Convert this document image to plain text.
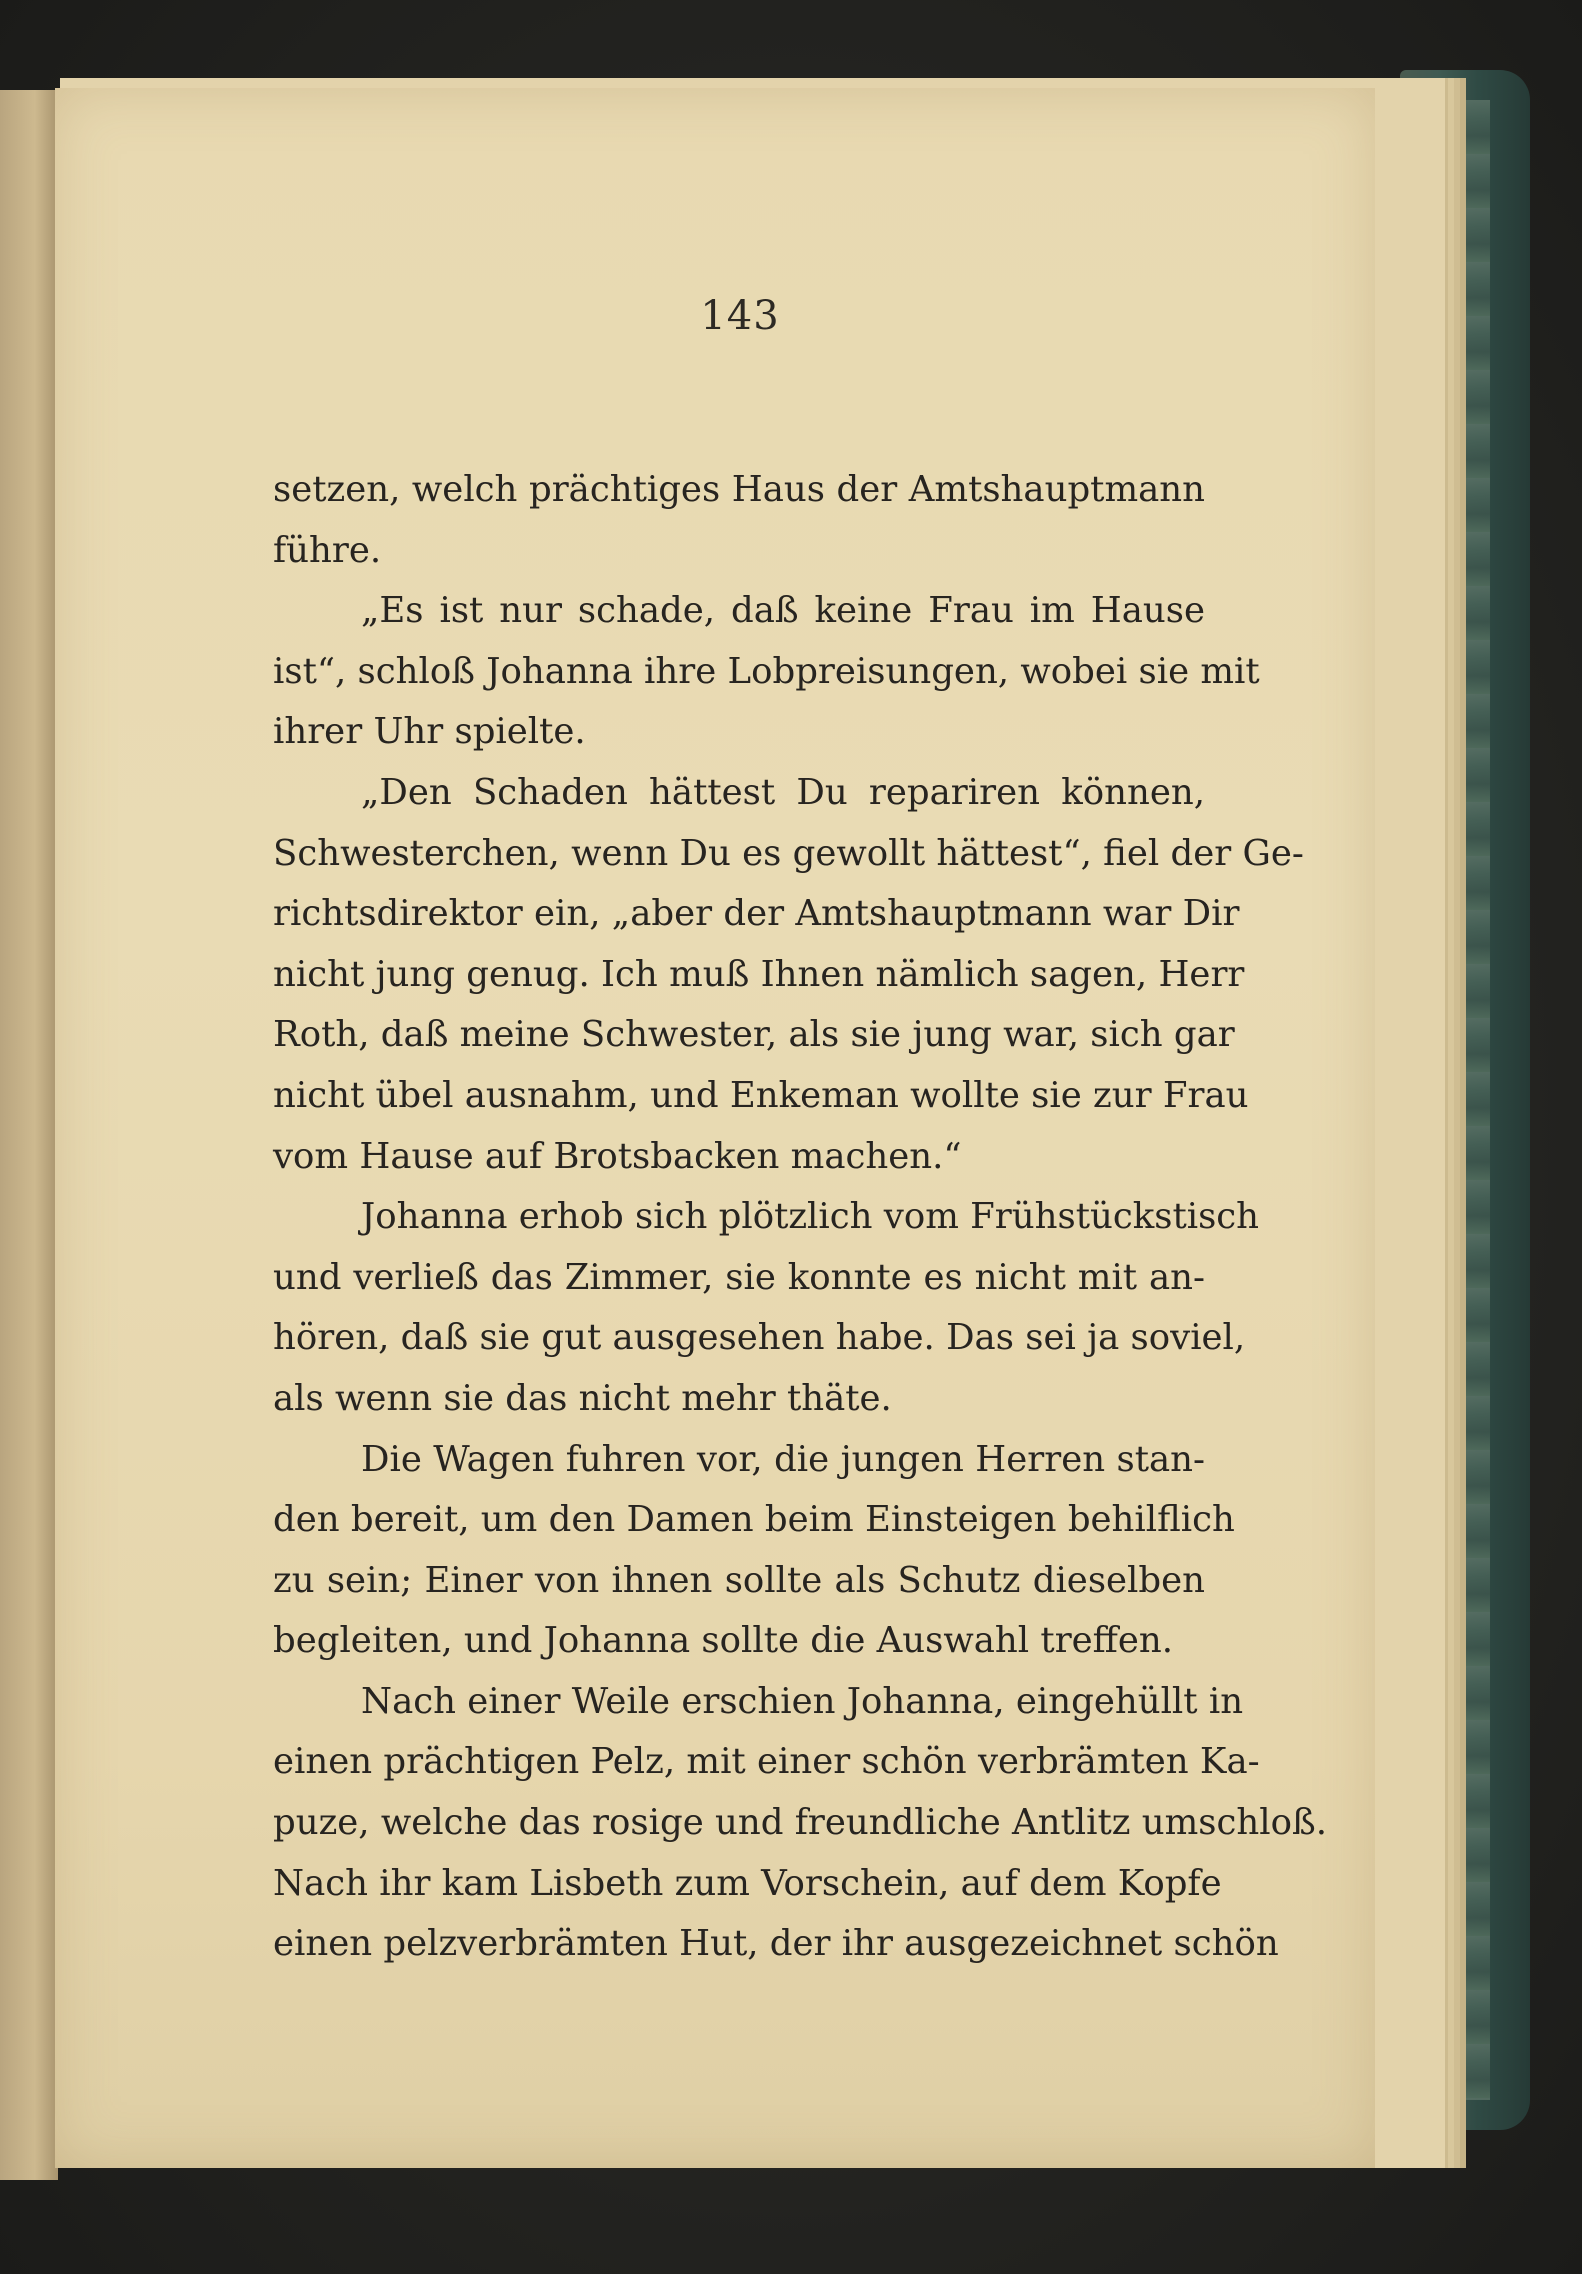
143
setzen, welch prächtiges Haus der Amtshauptmann
führe.
„Es ist nur schade, daß keine Frau im Hause
ist“, schloß Johanna ihre Lobpreisungen, wobei sie mit
ihrer Uhr spielte.
„Den Schaden hättest Du repariren können,
Schwesterchen, wenn Du es gewollt hättest“, fiel der Ge-
richtsdirektor ein, „aber der Amtshauptmann war Dir
nicht jung genug. Ich muß Ihnen nämlich sagen, Herr
Roth, daß meine Schwester, als sie jung war, sich gar
nicht übel ausnahm, und Enkeman wollte sie zur Frau
vom Hause auf Brotsbacken machen.“
Johanna erhob sich plötzlich vom Frühstückstisch
und verließ das Zimmer, sie konnte es nicht mit an-
hören, daß sie gut ausgesehen habe. Das sei ja soviel,
als wenn sie das nicht mehr thäte.
Die Wagen fuhren vor, die jungen Herren stan-
den bereit, um den Damen beim Einsteigen behilflich
zu sein; Einer von ihnen sollte als Schutz dieselben
begleiten, und Johanna sollte die Auswahl treffen.
Nach einer Weile erschien Johanna, eingehüllt in
einen prächtigen Pelz, mit einer schön verbrämten Ka-
puze, welche das rosige und freundliche Antlitz umschloß.
Nach ihr kam Lisbeth zum Vorschein, auf dem Kopfe
einen pelzverbrämten Hut, der ihr ausgezeichnet schön
